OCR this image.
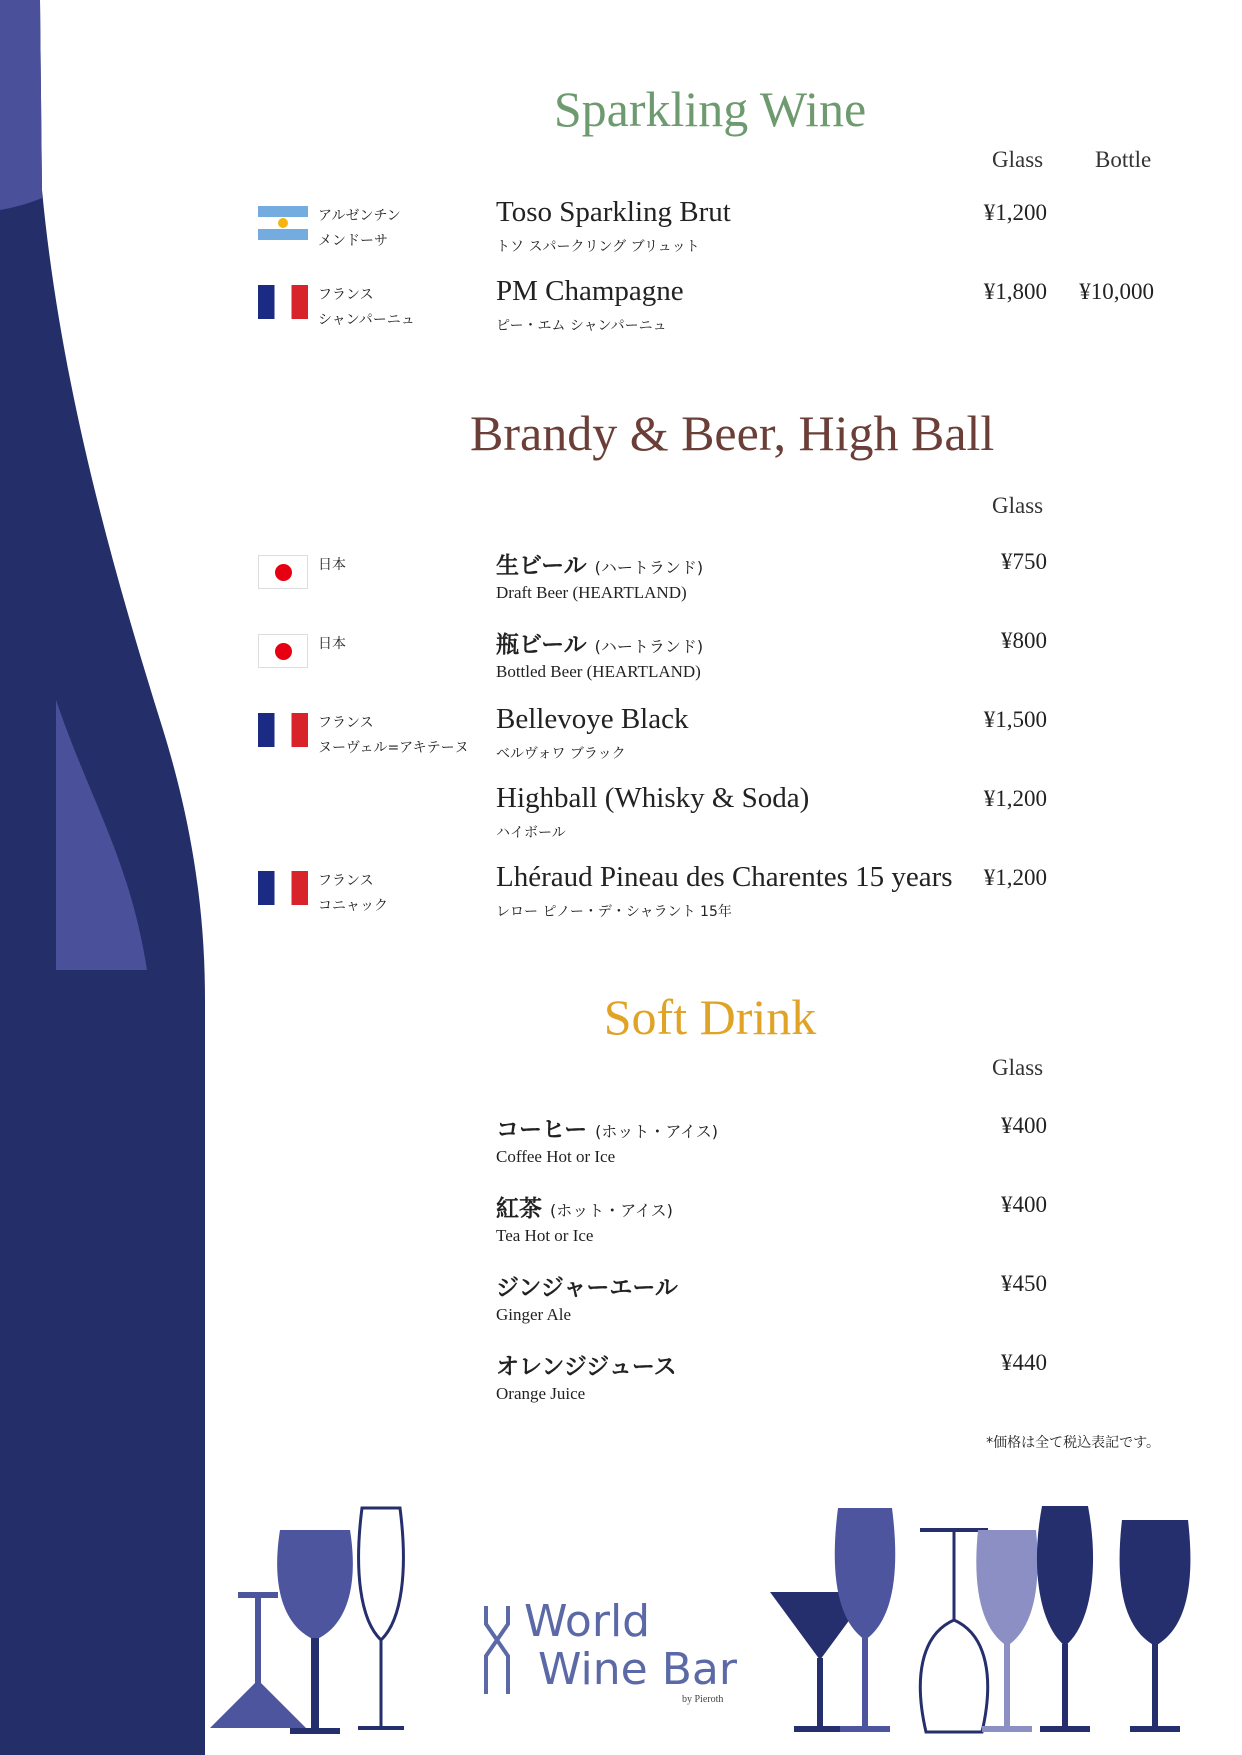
Sparkling Wine
Glass Bottle
アルゼンチン
メンドーサ
Toso Sparkling Brut
トソ スパークリング ブリュット
¥1,200
フランス
シャンパーニュ
PM Champagne
ピー・エム シャンパーニュ
¥1,800	¥10,000
Brandy & Beer, High Ball
Glass
日本	生ビール (ハートランド)
Draft Beer (HEARTLAND)
¥750
日本	瓶ビール (ハートランド)
Bottled Beer (HEARTLAND)
¥800
フランス
ヌーヴェル=アキテーヌ
Bellevoye Black
ベルヴォワ ブラック
¥1,500
Highball (Whisky & Soda)
ハイボール
¥1,200
フランス
コニャック
Lhéraud Pineau des Charentes 15 years
レロー ピノー・デ・シャラント 15年
¥1,200
Soft Drink
Glass
コーヒー (ホット・アイス)
Coffee Hot or Ice
¥400
紅茶 (ホット・アイス)
Tea Hot or Ice
¥400
ジンジャーエール
Ginger Ale
¥450
オレンジジュース
Orange Juice
¥440
*価格は全て税込表記です。
World
Wine Bar
by Pieroth
